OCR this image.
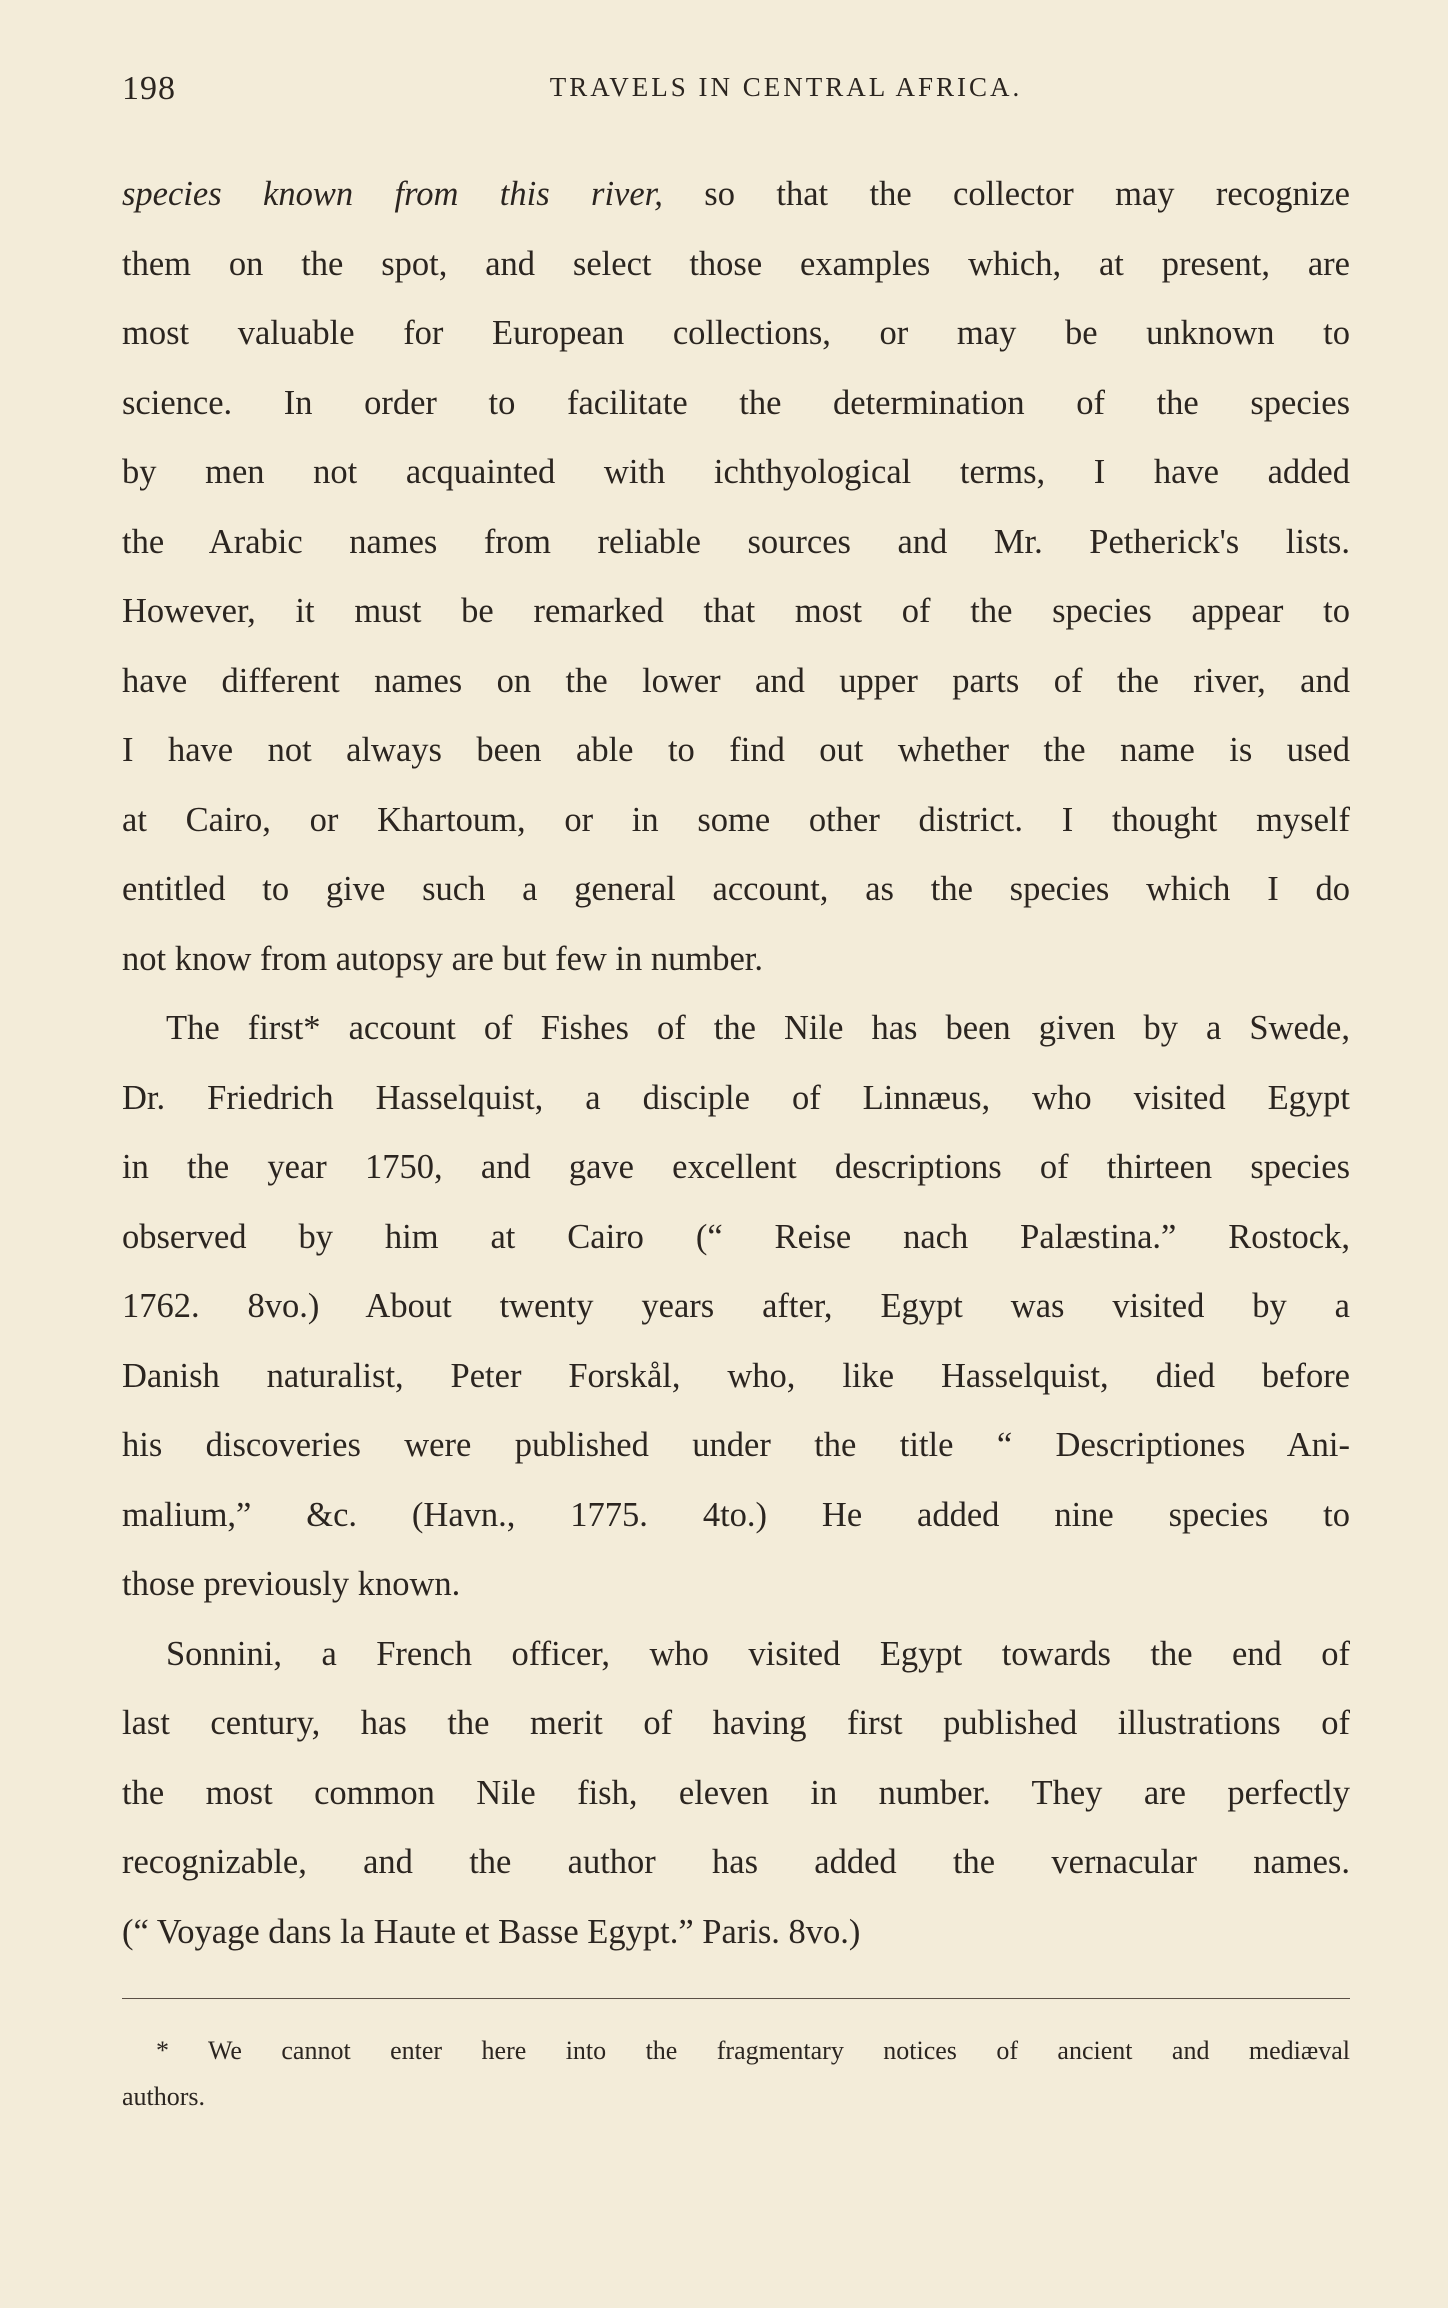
198	TRAVELS IN CENTRAL AFRICA.
species known from this river, so that the collector may recognize
them on the spot, and select those examples which, at present, are
most valuable for European collections, or may be unknown to
science. In order to facilitate the determination of the species
by men not acquainted with ichthyological terms, I have added
the Arabic names from reliable sources and Mr. Petherick's lists.
However, it must be remarked that most of the species appear to
have different names on the lower and upper parts of the river, and
I have not always been able to find out whether the name is used
at Cairo, or Khartoum, or in some other district. I thought myself
entitled to give such a general account, as the species which I do
not know from autopsy are but few in number.
The first* account of Fishes of the Nile has been given by a Swede,
Dr. Friedrich Hasselquist, a disciple of Linnæus, who visited Egypt
in the year 1750, and gave excellent descriptions of thirteen species
observed by him at Cairo (“ Reise nach Palæstina.” Rostock,
1762. 8vo.) About twenty years after, Egypt was visited by a
Danish naturalist, Peter Forskål, who, like Hasselquist, died before
his discoveries were published under the title “ Descriptiones Ani-
malium,” &c. (Havn., 1775. 4to.) He added nine species to
those previously known.
Sonnini, a French officer, who visited Egypt towards the end of
last century, has the merit of having first published illustrations of
the most common Nile fish, eleven in number. They are perfectly
recognizable, and the author has added the vernacular names.
(“ Voyage dans la Haute et Basse Egypt.” Paris. 8vo.)
* We cannot enter here into the fragmentary notices of ancient and mediæval
authors.
